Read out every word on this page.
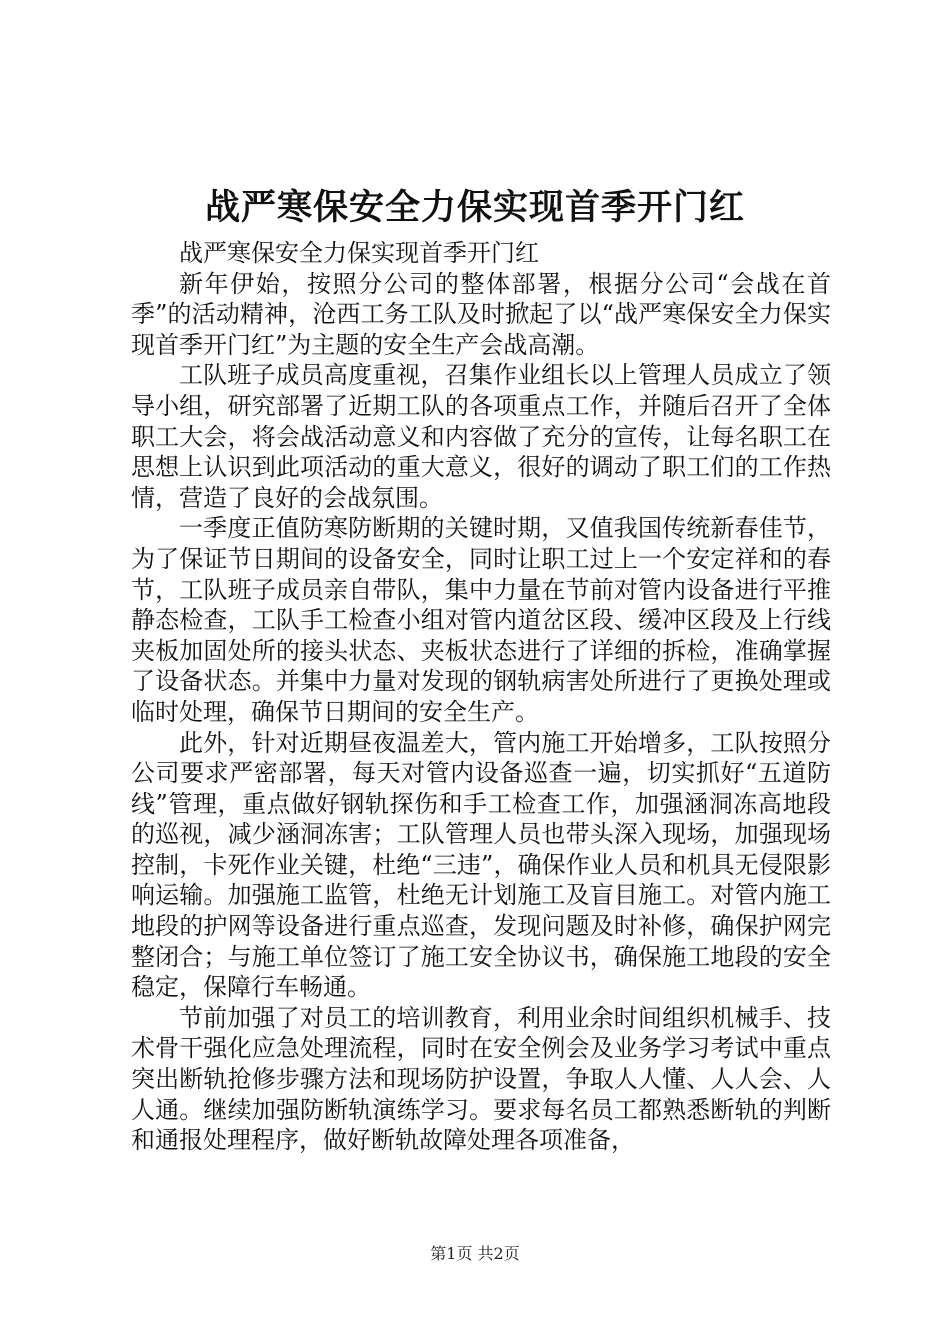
战严寒保安全力保实现首季开门红

战严寒保安全力保实现首季开门红

新年伊始，按照分公司的整体部署，根据分公司“会战在首季”的活动精神，沧西工务工队及时掀起了以“战严寒保安全力保实现首季开门红”为主题的安全生产会战高潮。

工队班子成员高度重视，召集作业组长以上管理人员成立了领导小组，研究部署了近期工队的各项重点工作，并随后召开了全体职工大会，将会战活动意义和内容做了充分的宣传，让每名职工在思想上认识到此项活动的重大意义，很好的调动了职工们的工作热情，营造了良好的会战氛围。

一季度正值防寒防断期的关键时期，又值我国传统新春佳节，为了保证节日期间的设备安全，同时让职工过上一个安定祥和的春节，工队班子成员亲自带队，集中力量在节前对管内设备进行平推静态检查，工队手工检查小组对管内道岔区段、缓冲区段及上行线夹板加固处所的接头状态、夹板状态进行了详细的拆检，准确掌握了设备状态。并集中力量对发现的钢轨病害处所进行了更换处理或临时处理，确保节日期间的安全生产。

此外，针对近期昼夜温差大，管内施工开始增多，工队按照分公司要求严密部署，每天对管内设备巡查一遍，切实抓好“五道防线”管理，重点做好钢轨探伤和手工检查工作，加强涵洞冻高地段的巡视，减少涵洞冻害；工队管理人员也带头深入现场，加强现场控制，卡死作业关键，杜绝“三违”，确保作业人员和机具无侵限影响运输。加强施工监管，杜绝无计划施工及盲目施工。对管内施工地段的护网等设备进行重点巡查，发现问题及时补修，确保护网完整闭合；与施工单位签订了施工安全协议书，确保施工地段的安全稳定，保障行车畅通。

节前加强了对员工的培训教育，利用业余时间组织机械手、技术骨干强化应急处理流程，同时在安全例会及业务学习考试中重点突出断轨抢修步骤方法和现场防护设置，争取人人懂、人人会、人人通。继续加强防断轨演练学习。要求每名员工都熟悉断轨的判断和通报处理程序，做好断轨故障处理各项准备，

第1页 共2页
